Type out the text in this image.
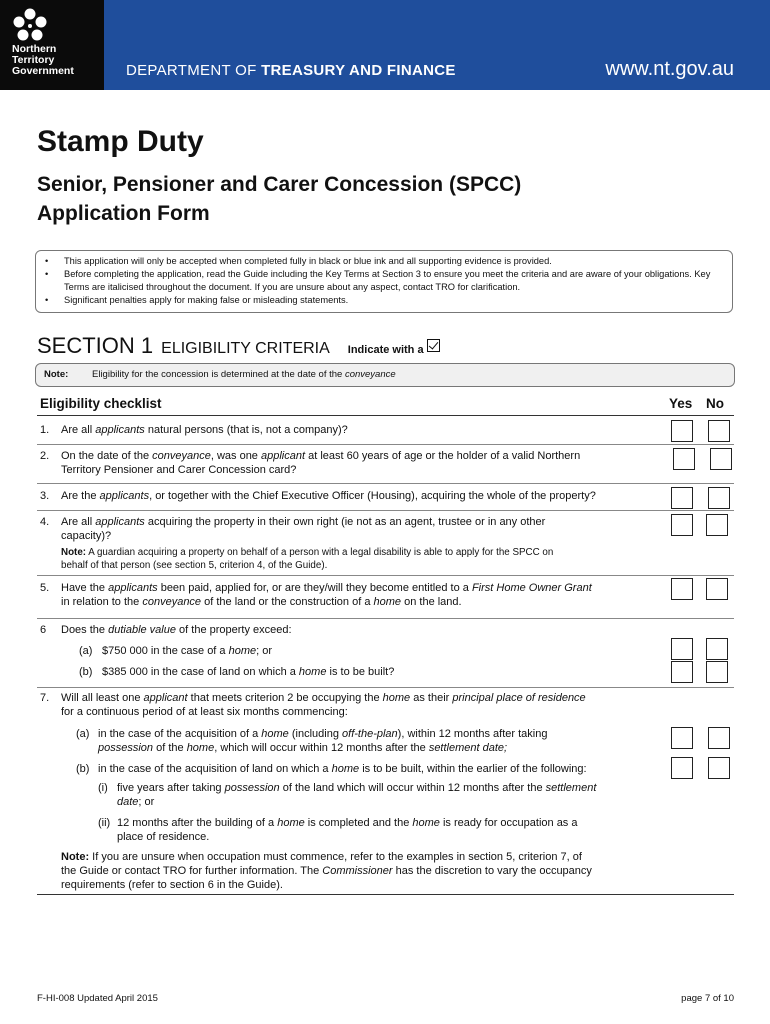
Northern
Territory
Government	DEPARTMENT OF TREASURY AND FINANCE	www.nt.gov.au
Stamp Duty
Senior, Pensioner and Carer Concession (SPCC)
Application Form
• This application will only be accepted when completed fully in black or blue ink and all supporting evidence is provided.
• Before completing the application, read the Guide including the Key Terms at Section 3 to ensure you meet the criteria and are aware of your obligations. Key Terms are italicised throughout the document. If you are unsure about any aspect, contact TRO for clarification.
• Significant penalties apply for making false or misleading statements.
SECTION 1 ELIGIBILITY CRITERIA Indicate with a
Note: Eligibility for the concession is determined at the date of the conveyance
Eligibility checklist	Yes No
1. Are all applicants natural persons (that is, not a company)?
2. On the date of the conveyance, was one applicant at least 60 years of age or the holder of a valid Northern
Territory Pensioner and Carer Concession card?
3. Are the applicants, or together with the Chief Executive Officer (Housing), acquiring the whole of the property?
4. Are all applicants acquiring the property in their own right (ie not as an agent, trustee or in any other
capacity)?
Note: A guardian acquiring a property on behalf of a person with a legal disability is able to apply for the SPCC on
behalf of that person (see section 5, criterion 4, of the Guide).
5. Have the applicants been paid, applied for, or are they/will they become entitled to a First Home Owner Grant
in relation to the conveyance of the land or the construction of a home on the land.
6 Does the dutiable value of the property exceed:
(a) $750 000 in the case of a home; or
(b) $385 000 in the case of land on which a home is to be built?
7. Will all least one applicant that meets criterion 2 be occupying the home as their principal place of residence
for a continuous period of at least six months commencing:
(a) in the case of the acquisition of a home (including off-the-plan), within 12 months after taking
possession of the home, which will occur within 12 months after the settlement date;
(b) in the case of the acquisition of land on which a home is to be built, within the earlier of the following:
(i) five years after taking possession of the land which will occur within 12 months after the settlement
date; or
(ii) 12 months after the building of a home is completed and the home is ready for occupation as a
place of residence.
Note: If you are unsure when occupation must commence, refer to the examples in section 5, criterion 7, of
the Guide or contact TRO for further information. The Commissioner has the discretion to vary the occupancy
requirements (refer to section 6 in the Guide).
F-HI-008 Updated April 2015	page 7 of 10
